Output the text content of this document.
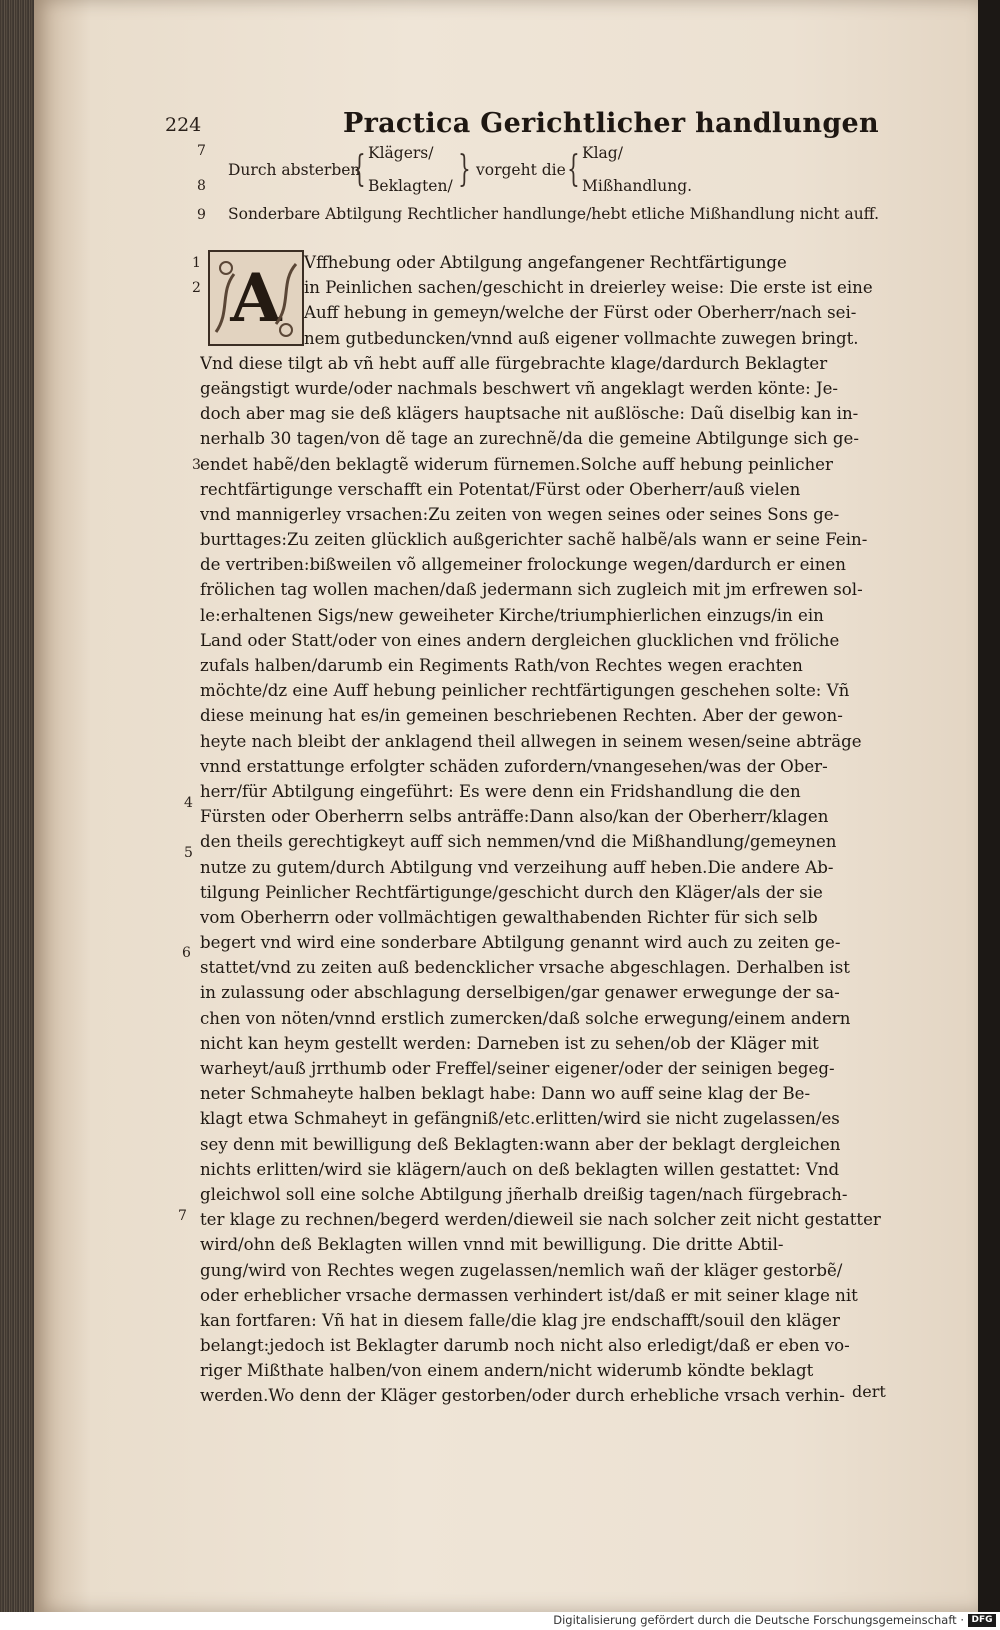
224	Practica Gerichtlicher handlungen
7
8
Durch absterben
{ Klägers/
Beklagten/ } vorgeht die { Klag/
Mißhandlung.
9 Sonderbare Abtilgung Rechtlicher handlunge/hebt etliche Mißhandlung nicht auff.
1
2
3
4
5
6
7
A	Vffhebung oder Abtilgung angefangener Rechtfärtigunge
in Peinlichen sachen/geschicht in dreierley weise: Die erste ist eine
Auff hebung in gemeyn/welche der Fürst oder Oberherr/nach sei-
nem gutbeduncken/vnnd auß eigener vollmachte zuwegen bringt.
Vnd diese tilgt ab vñ hebt auff alle fürgebrachte klage/dardurch Beklagter
geängstigt wurde/oder nachmals beschwert vñ angeklagt werden könte: Je-
doch aber mag sie deß klägers hauptsache nit außlösche: Daũ diselbig kan in-
nerhalb 30 tagen/von dẽ tage an zurechnẽ/da die gemeine Abtilgunge sich ge-
endet habẽ/den beklagtẽ widerum fürnemen.Solche auff hebung peinlicher
rechtfärtigunge verschafft ein Potentat/Fürst oder Oberherr/auß vielen
vnd mannigerley vrsachen:Zu zeiten von wegen seines oder seines Sons ge-
burttages:Zu zeiten glücklich außgerichter sachẽ halbẽ/als wann er seine Fein-
de vertriben:bißweilen võ allgemeiner frolockunge wegen/dardurch er einen
frölichen tag wollen machen/daß jedermann sich zugleich mit jm erfrewen sol-
le:erhaltenen Sigs/new geweiheter Kirche/triumphierlichen einzugs/in ein
Land oder Statt/oder von eines andern dergleichen glucklichen vnd fröliche
zufals halben/darumb ein Regiments Rath/von Rechtes wegen erachten
möchte/dz eine Auff hebung peinlicher rechtfärtigungen geschehen solte: Vñ
diese meinung hat es/in gemeinen beschriebenen Rechten. Aber der gewon-
heyte nach bleibt der anklagend theil allwegen in seinem wesen/seine abträge
vnnd erstattunge erfolgter schäden zufordern/vnangesehen/was der Ober-
herr/für Abtilgung eingeführt: Es were denn ein Fridshandlung die den
Fürsten oder Oberherrn selbs anträffe:Dann also/kan der Oberherr/klagen
den theils gerechtigkeyt auff sich nemmen/vnd die Mißhandlung/gemeynen
nutze zu gutem/durch Abtilgung vnd verzeihung auff heben.Die andere Ab-
tilgung Peinlicher Rechtfärtigunge/geschicht durch den Kläger/als der sie
vom Oberherrn oder vollmächtigen gewalthabenden Richter für sich selb
begert vnd wird eine sonderbare Abtilgung genannt wird auch zu zeiten ge-
stattet/vnd zu zeiten auß bedencklicher vrsache abgeschlagen. Derhalben ist
in zulassung oder abschlagung derselbigen/gar genawer erwegunge der sa-
chen von nöten/vnnd erstlich zumercken/daß solche erwegung/einem andern
nicht kan heym gestellt werden: Darneben ist zu sehen/ob der Kläger mit
warheyt/auß jrrthumb oder Freffel/seiner eigener/oder der seinigen begeg-
neter Schmaheyte halben beklagt habe: Dann wo auff seine klag der Be-
klagt etwa Schmaheyt in gefängniß/etc.erlitten/wird sie nicht zugelassen/es
sey denn mit bewilligung deß Beklagten:wann aber der beklagt dergleichen
nichts erlitten/wird sie klägern/auch on deß beklagten willen gestattet: Vnd
gleichwol soll eine solche Abtilgung jñerhalb dreißig tagen/nach fürgebrach-
ter klage zu rechnen/begerd werden/dieweil sie nach solcher zeit nicht gestatter
wird/ohn deß Beklagten willen vnnd mit bewilligung. Die dritte Abtil-
gung/wird von Rechtes wegen zugelassen/nemlich wañ der kläger gestorbẽ/
oder erheblicher vrsache dermassen verhindert ist/daß er mit seiner klage nit
kan fortfaren: Vñ hat in diesem falle/die klag jre endschafft/souil den kläger
belangt:jedoch ist Beklagter darumb noch nicht also erledigt/daß er eben vo-
riger Mißthate halben/von einem andern/nicht widerumb köndte beklagt
werden.Wo denn der Kläger gestorben/oder durch erhebliche vrsach verhin- dert
Digitalisierung gefördert durch die Deutsche Forschungsgemeinschaft · DFG
